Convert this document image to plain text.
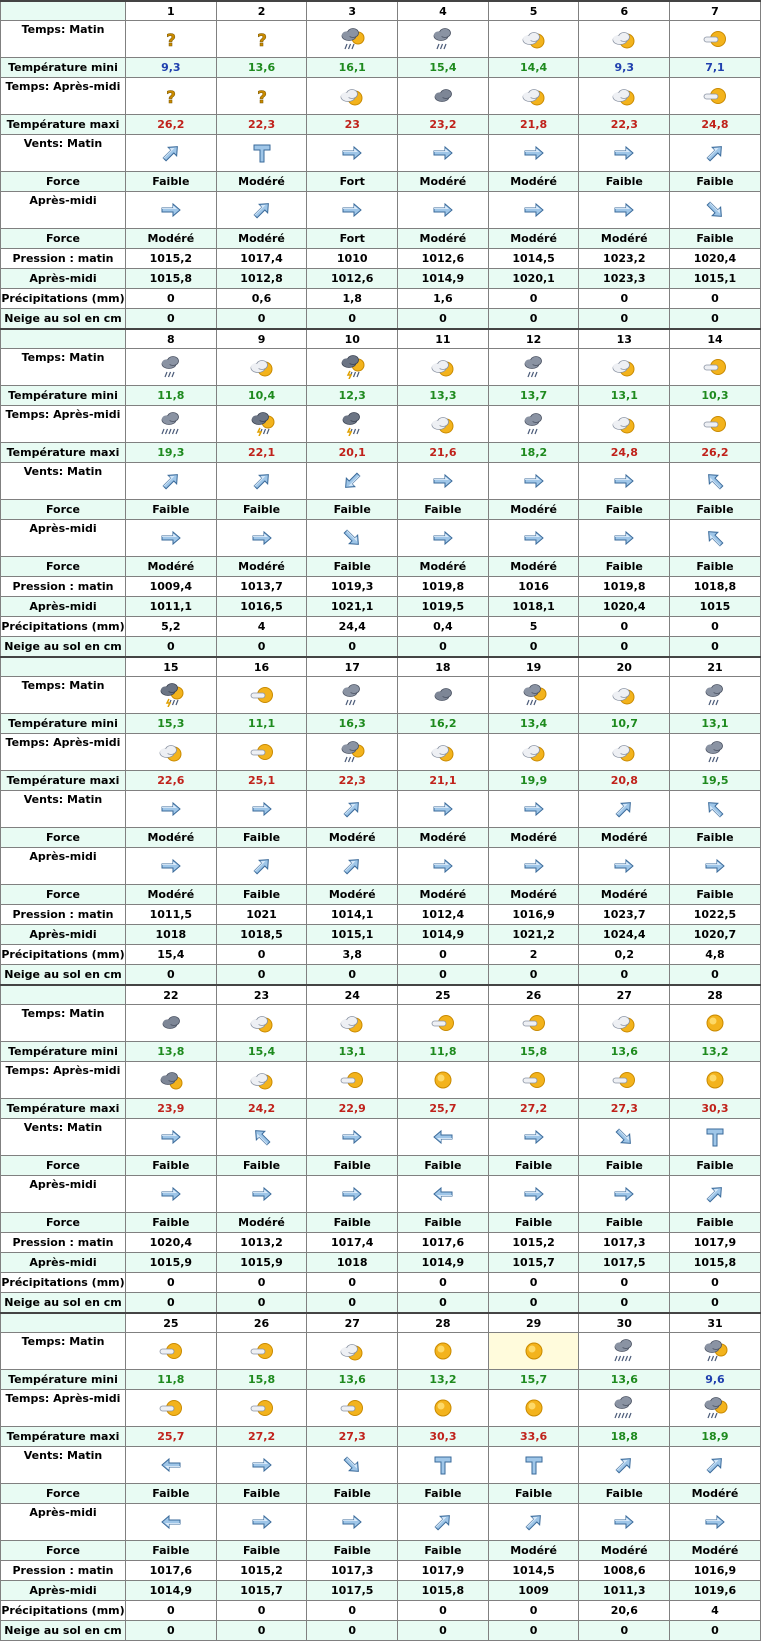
	1	2	3	4	5	6	7
Temps: Matin	?	?

Température mini	9,3	13,6	16,1	15,4	14,4	9,3	7,1
Temps: Après-midi	?	?

Température maxi	26,2	22,3	23	23,2	21,8	22,3	24,8
Vents: Matin							
Force	Faible	Modéré	Fort	Modéré	Modéré	Faible	Faible
Après-midi							
Force	Modéré	Modéré	Fort	Modéré	Modéré	Modéré	Faible
Pression : matin	1015,2	1017,4	1010	1012,6	1014,5	1023,2	1020,4
Après-midi	1015,8	1012,8	1012,6	1014,9	1020,1	1023,3	1015,1
Précipitations (mm)	0	0,6	1,8	1,6	0	0	0
Neige au sol en cm	0	0	0	0	0	0	0
	8	9	10	11	12	13	14
Temps: Matin							
Température mini	11,8	10,4	12,3	13,3	13,7	13,1	10,3
Temps: Après-midi							
Température maxi	19,3	22,1	20,1	21,6	18,2	24,8	26,2
Vents: Matin							
Force	Faible	Faible	Faible	Faible	Modéré	Faible	Faible
Après-midi							
Force	Modéré	Modéré	Faible	Modéré	Modéré	Faible	Faible
Pression : matin	1009,4	1013,7	1019,3	1019,8	1016	1019,8	1018,8
Après-midi	1011,1	1016,5	1021,1	1019,5	1018,1	1020,4	1015
Précipitations (mm)	5,2	4	24,4	0,4	5	0	0
Neige au sol en cm	0	0	0	0	0	0	0
	15	16	17	18	19	20	21
Temps: Matin							
Température mini	15,3	11,1	16,3	16,2	13,4	10,7	13,1
Temps: Après-midi							
Température maxi	22,6	25,1	22,3	21,1	19,9	20,8	19,5
Vents: Matin							
Force	Modéré	Faible	Modéré	Modéré	Modéré	Modéré	Faible
Après-midi							
Force	Modéré	Faible	Modéré	Modéré	Modéré	Modéré	Faible
Pression : matin	1011,5	1021	1014,1	1012,4	1016,9	1023,7	1022,5
Après-midi	1018	1018,5	1015,1	1014,9	1021,2	1024,4	1020,7
Précipitations (mm)	15,4	0	3,8	0	2	0,2	4,8
Neige au sol en cm	0	0	0	0	0	0	0
	22	23	24	25	26	27	28
Temps: Matin							
Température mini	13,8	15,4	13,1	11,8	15,8	13,6	13,2
Temps: Après-midi							
Température maxi	23,9	24,2	22,9	25,7	27,2	27,3	30,3
Vents: Matin							
Force	Faible	Faible	Faible	Faible	Faible	Faible	Faible
Après-midi							
Force	Faible	Modéré	Faible	Faible	Faible	Faible	Faible
Pression : matin	1020,4	1013,2	1017,4	1017,6	1015,2	1017,3	1017,9
Après-midi	1015,9	1015,9	1018	1014,9	1015,7	1017,5	1015,8
Précipitations (mm)	0	0	0	0	0	0	0
Neige au sol en cm	0	0	0	0	0	0	0
	25	26	27	28	29	30	31
Temps: Matin							
Température mini	11,8	15,8	13,6	13,2	15,7	13,6	9,6
Temps: Après-midi							
Température maxi	25,7	27,2	27,3	30,3	33,6	18,8	18,9
Vents: Matin							
Force	Faible	Faible	Faible	Faible	Faible	Faible	Modéré
Après-midi							
Force	Faible	Faible	Faible	Faible	Modéré	Modéré	Modéré
Pression : matin	1017,6	1015,2	1017,3	1017,9	1014,5	1008,6	1016,9
Après-midi	1014,9	1015,7	1017,5	1015,8	1009	1011,3	1019,6
Précipitations (mm)	0	0	0	0	0	20,6	4
Neige au sol en cm	0	0	0	0	0	0	0
